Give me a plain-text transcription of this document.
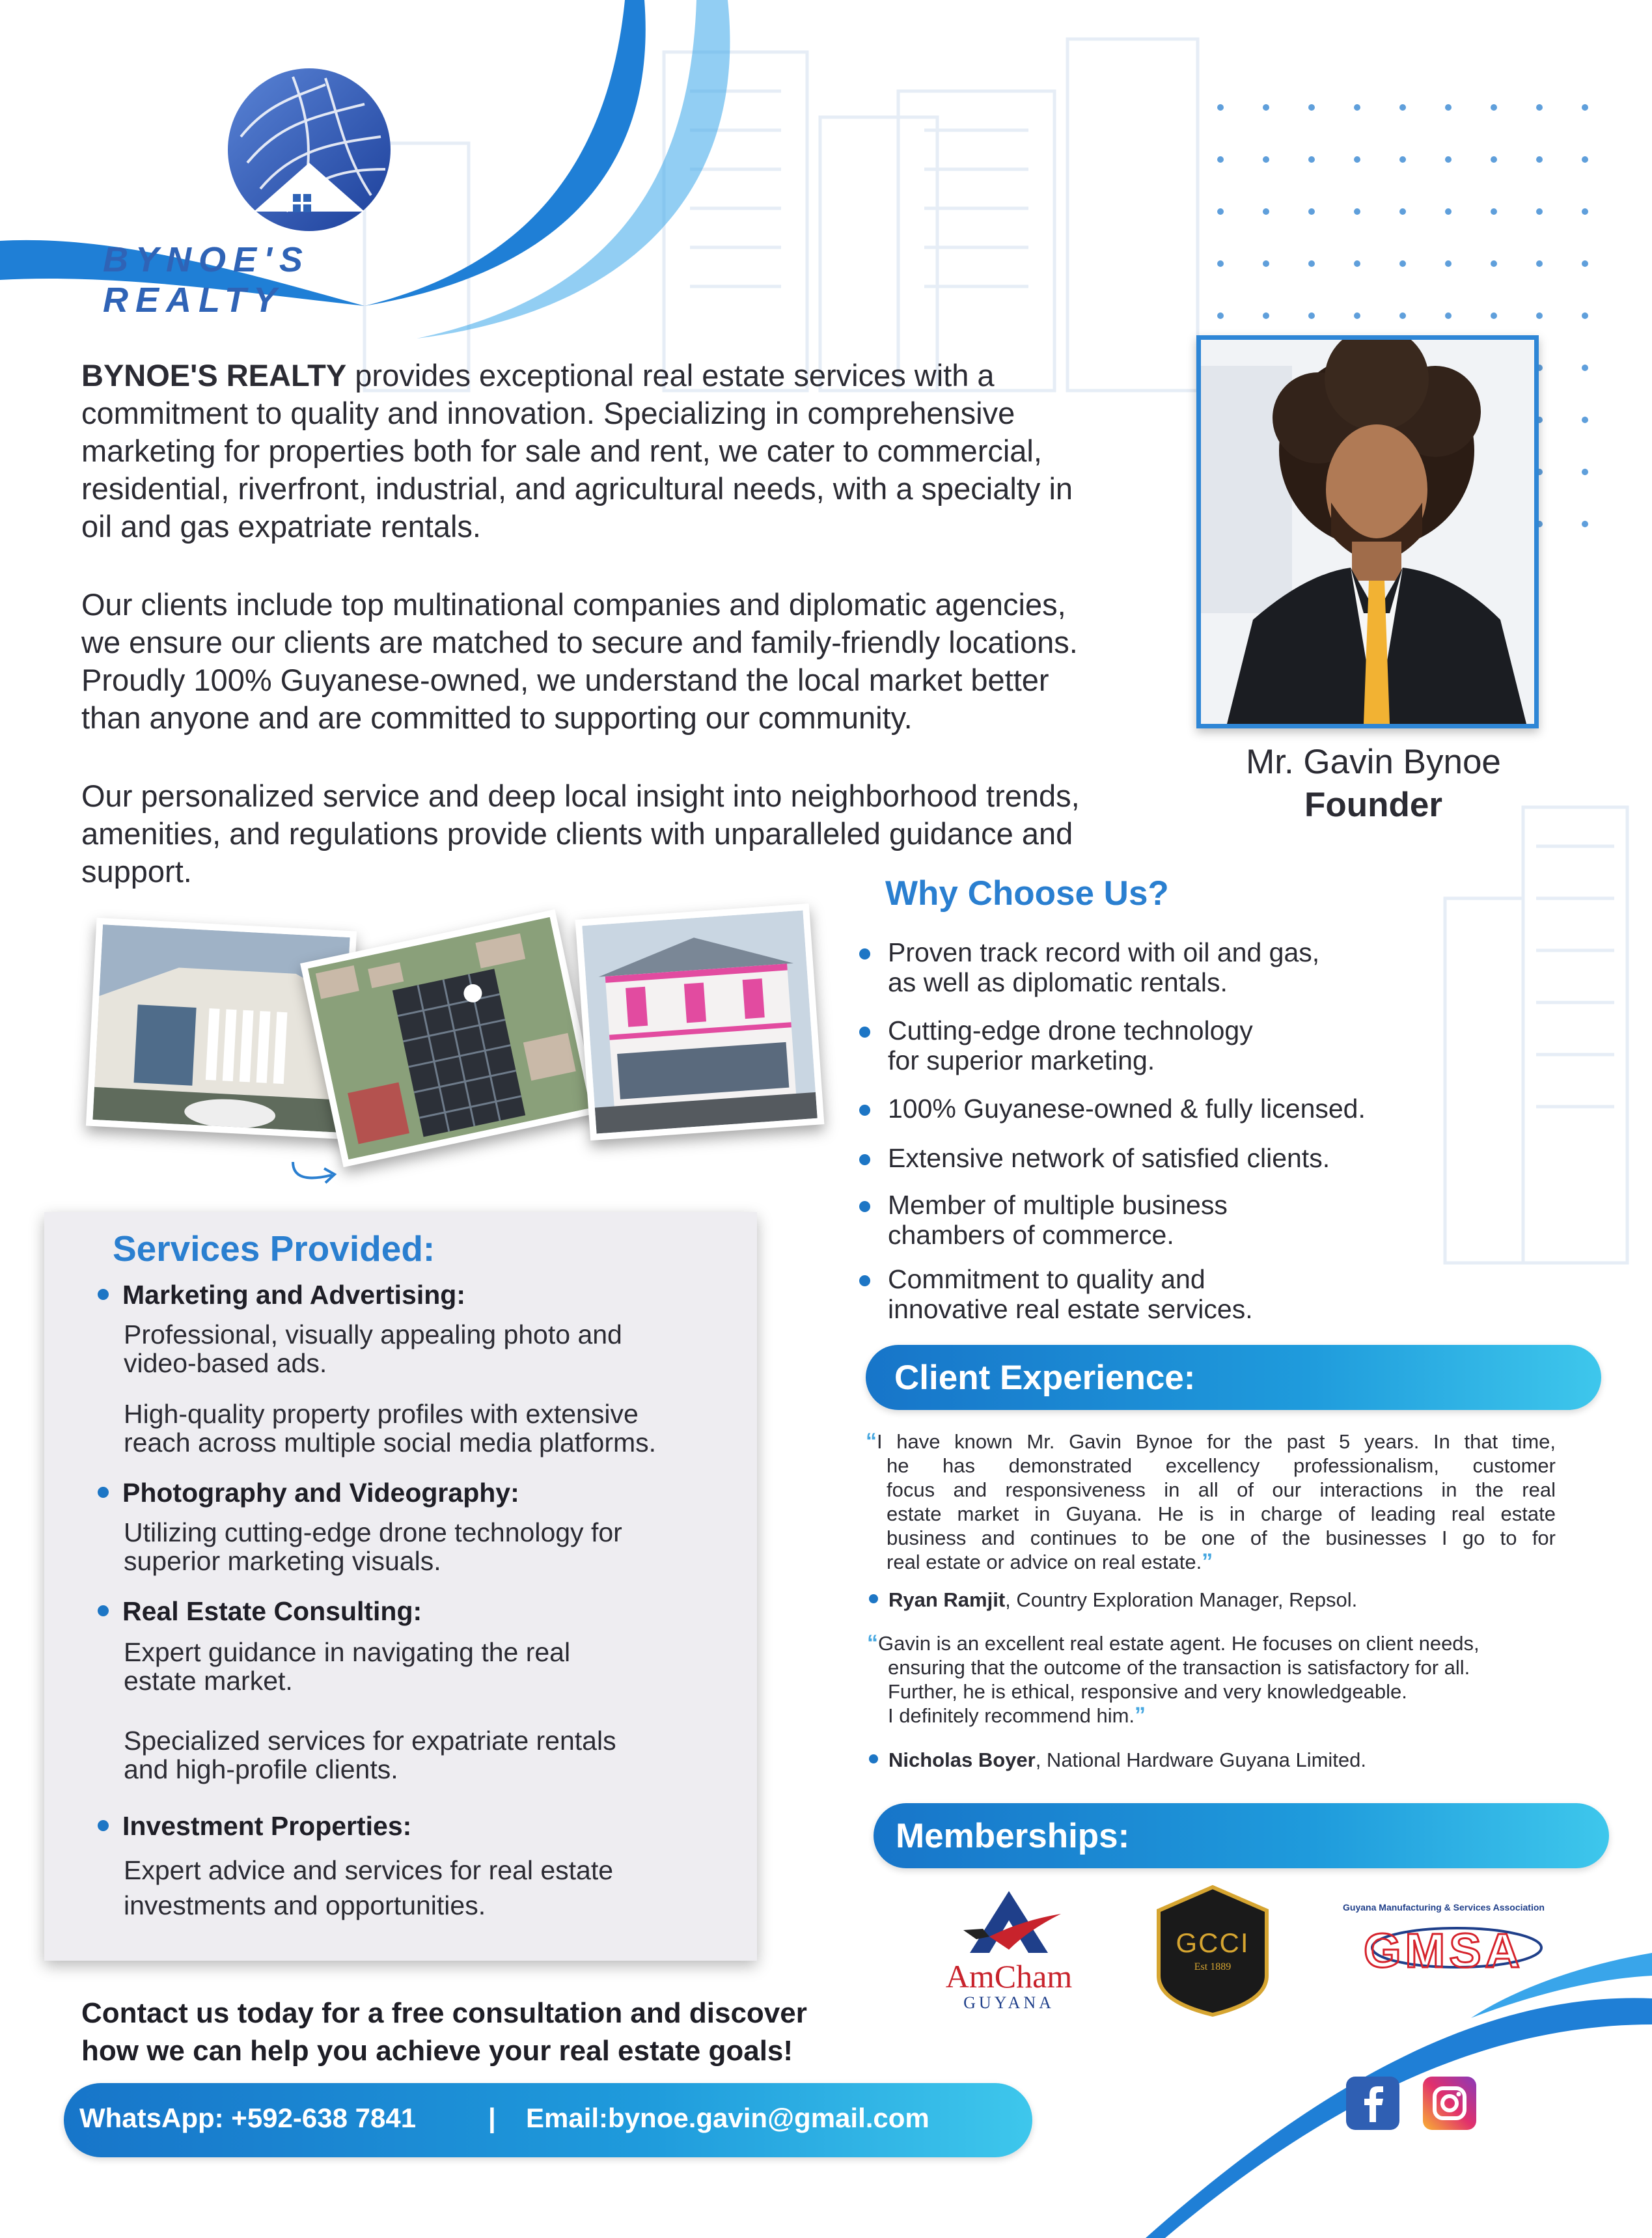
BYNOE'S REALTY
BYNOE'S REALTY provides exceptional real estate services with a
commitment to quality and innovation. Specializing in comprehensive
marketing for properties both for sale and rent, we cater to commercial,
residential, riverfront, industrial, and agricultural needs, with a specialty in
oil and gas expatriate rentals.
Our clients include top multinational companies and diplomatic agencies,
we ensure our clients are matched to secure and family-friendly locations.
Proudly 100% Guyanese-owned, we understand the local market better
than anyone and are committed to supporting our community.
Our personalized service and deep local insight into neighborhood trends,
amenities, and regulations provide clients with unparalleled guidance and
support.
Mr. Gavin Bynoe
Founder
Why Choose Us?
Proven track record with oil and gas,
as well as diplomatic rentals.
Cutting-edge drone technology
for superior marketing.
100% Guyanese-owned & fully licensed.
Extensive network of satisfied clients.
Member of multiple business
chambers of commerce.
Commitment to quality and
innovative real estate services.
Services Provided:
Marketing and Advertising:
Professional, visually appealing photo and
video-based ads.
High-quality property profiles with extensive
reach across multiple social media platforms.
Photography and Videography:
Utilizing cutting-edge drone technology for
superior marketing visuals.
Real Estate Consulting:
Expert guidance in navigating the real
estate market.
Specialized services for expatriate rentals
and high-profile clients.
Investment Properties:
Expert advice and services for real estate
investments and opportunities.
Client Experience:
“I have known Mr. Gavin Bynoe for the past 5 years. In that time,
he has demonstrated excellency professionalism, customer
focus and responsiveness in all of our interactions in the real
estate market in Guyana. He is in charge of leading real estate
business and continues to be one of the businesses I go to for
real estate or advice on real estate.”
Ryan Ramjit, Country Exploration Manager, Repsol.
“Gavin is an excellent real estate agent. He focuses on client needs,
ensuring that the outcome of the transaction is satisfactory for all.
Further, he is ethical, responsive and very knowledgeable.
I definitely recommend him.”
Nicholas Boyer, National Hardware Guyana Limited.
Memberships:
AmCham
GUYANA
GCCI
Est 1889
Guyana Manufacturing & Services Association
GMSA
Contact us today for a free consultation and discover
how we can help you achieve your real estate goals!
WhatsApp: +592-638 7841	| Email:bynoe.gavin@gmail.com
